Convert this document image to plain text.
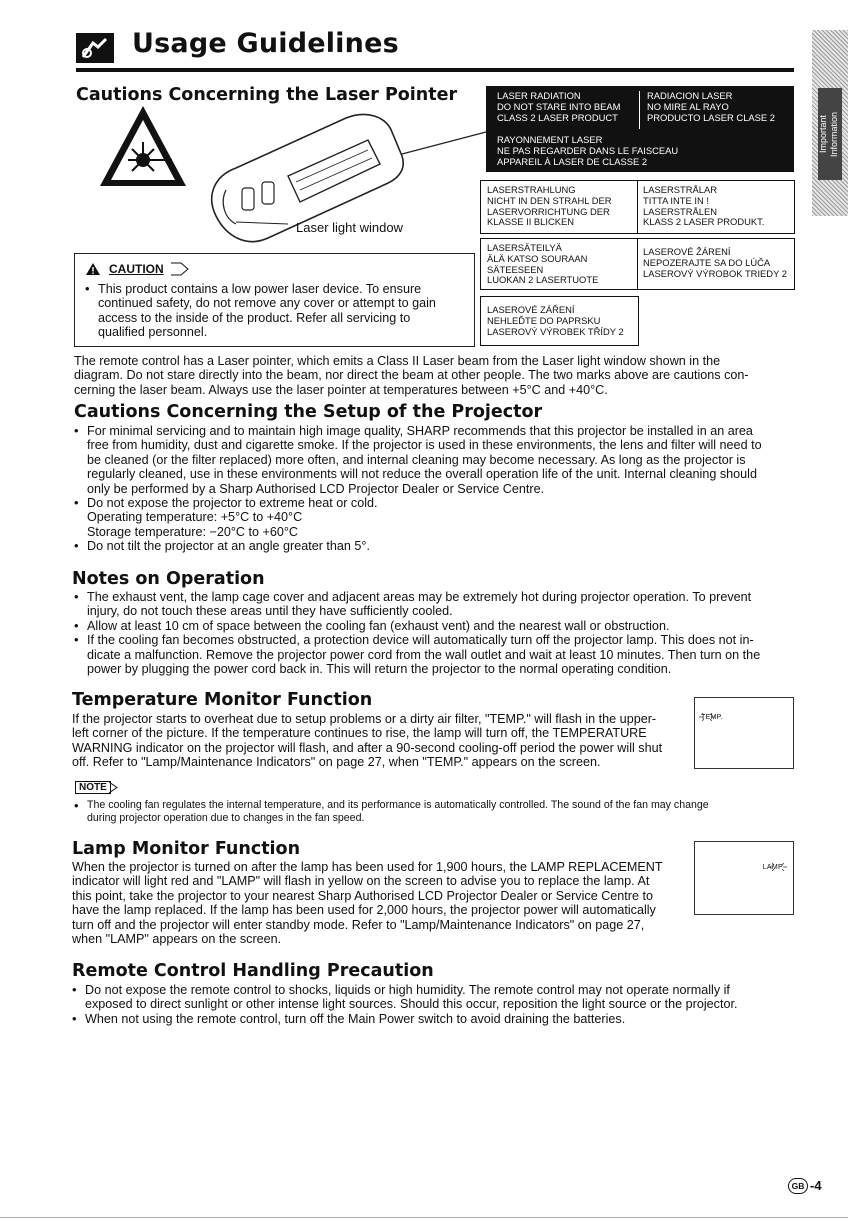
Usage Guidelines
Important
Information
Cautions Concerning the Laser Pointer
Laser light window
LASER RADIATION
DO NOT STARE INTO BEAM
CLASS 2 LASER PRODUCT
RADIACION LASER
NO MIRE AL RAYO
PRODUCTO LASER CLASE 2
RAYONNEMENT LASER
NE PAS REGARDER DANS LE FAISCEAU
APPAREIL À LASER DE CLASSE 2
LASERSTRAHLUNG
NICHT IN DEN STRAHL DER
LASERVORRICHTUNG DER
KLASSE II BLICKEN
LASERSTRÅLAR
TITTA INTE IN !
LASERSTRÅLEN
KLASS 2 LASER PRODUKT.
LASERSÄTEILYÄ
ÄLÄ KATSO SOURAAN
SÄTEESEEN
LUOKAN 2 LASERTUOTE
LASEROVÉ ŽÁRENÍ
NEPOZERAJTE SA DO LÚČA
LASEROVÝ VÝROBOK TRIEDY 2
LASEROVÉ ZÁŘENÍ
NEHLEĎTE DO PAPRSKU
LASEROVÝ VÝROBEK TŘÍDY 2
CAUTION
• This product contains a low power laser device. To ensure
continued safety, do not remove any cover or attempt to gain
access to the inside of the product. Refer all servicing to
qualified personnel.
The remote control has a Laser pointer, which emits a Class II Laser beam from the Laser light window shown in the
diagram. Do not stare directly into the beam, nor direct the beam at other people. The two marks above are cautions con-
cerning the laser beam. Always use the laser pointer at temperatures between +5°C and +40°C.
Cautions Concerning the Setup of the Projector
• For minimal servicing and to maintain high image quality, SHARP recommends that this projector be installed in an area
free from humidity, dust and cigarette smoke. If the projector is used in these environments, the lens and filter will need to
be cleaned (or the filter replaced) more often, and internal cleaning may become necessary. As long as the projector is
regularly cleaned, use in these environments will not reduce the overall operation life of the unit. Internal cleaning should
only be performed by a Sharp Authorised LCD Projector Dealer or Service Centre.
• Do not expose the projector to extreme heat or cold.
Operating temperature: +5°C to +40°C
Storage temperature: −20°C to +60°C
• Do not tilt the projector at an angle greater than 5°.
Notes on Operation
• The exhaust vent, the lamp cage cover and adjacent areas may be extremely hot during projector operation. To prevent
injury, do not touch these areas until they have sufficiently cooled.
• Allow at least 10 cm of space between the cooling fan (exhaust vent) and the nearest wall or obstruction.
• If the cooling fan becomes obstructed, a protection device will automatically turn off the projector lamp. This does not in-
dicate a malfunction. Remove the projector power cord from the wall outlet and wait at least 10 minutes. Then turn on the
power by plugging the power cord back in. This will return the projector to the normal operating condition.
Temperature Monitor Function
If the projector starts to overheat due to setup problems or a dirty air filter, "TEMP." will flash in the upper-
left corner of the picture. If the temperature continues to rise, the lamp will turn off, the TEMPERATURE
WARNING indicator on the projector will flash, and after a 90-second cooling-off period the power will shut
off. Refer to "Lamp/Maintenance Indicators" on page 27, when "TEMP." appears on the screen.
TEMP.
NOTE
• The cooling fan regulates the internal temperature, and its performance is automatically controlled. The sound of the fan may change
during projector operation due to changes in the fan speed.
Lamp Monitor Function
When the projector is turned on after the lamp has been used for 1,900 hours, the LAMP REPLACEMENT
indicator will light red and "LAMP" will flash in yellow on the screen to advise you to replace the lamp. At
this point, take the projector to your nearest Sharp Authorised LCD Projector Dealer or Service Centre to
have the lamp replaced. If the lamp has been used for 2,000 hours, the projector power will automatically
turn off and the projector will enter standby mode. Refer to "Lamp/Maintenance Indicators" on page 27,
when "LAMP" appears on the screen.
LAMP
Remote Control Handling Precaution
• Do not expose the remote control to shocks, liquids or high humidity. The remote control may not operate normally if
exposed to direct sunlight or other intense light sources. Should this occur, reposition the light source or the projector.
• When not using the remote control, turn off the Main Power switch to avoid draining the batteries.
GB -4
